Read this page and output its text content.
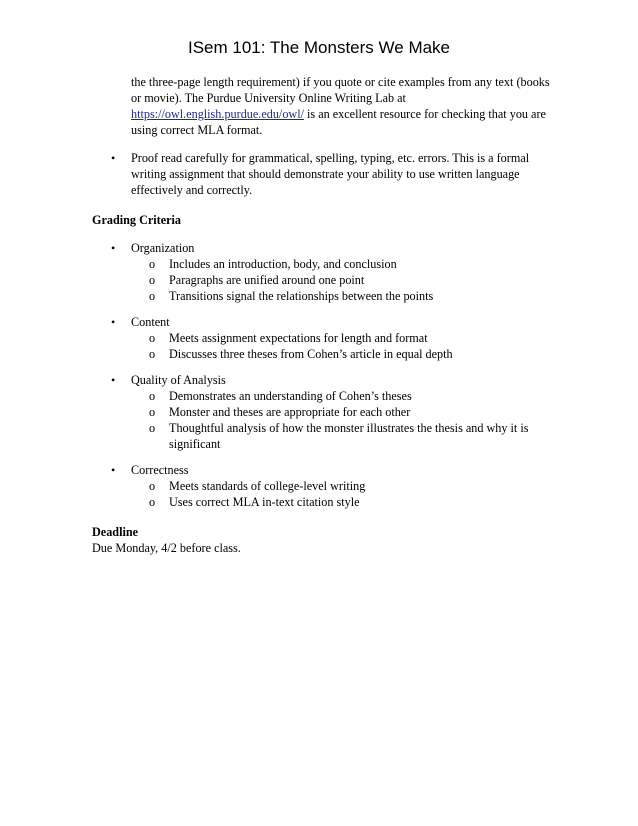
ISem 101: The Monsters We Make
the three-page length requirement) if you quote or cite examples from any text (books or movie). The Purdue University Online Writing Lab at https://owl.english.purdue.edu/owl/ is an excellent resource for checking that you are using correct MLA format.
• Proof read carefully for grammatical, spelling, typing, etc. errors. This is a formal writing assignment that should demonstrate your ability to use written language effectively and correctly.
Grading Criteria
• Organization
o Includes an introduction, body, and conclusion
o Paragraphs are unified around one point
o Transitions signal the relationships between the points
• Content
o Meets assignment expectations for length and format
o Discusses three theses from Cohen’s article in equal depth
• Quality of Analysis
o Demonstrates an understanding of Cohen’s theses
o Monster and theses are appropriate for each other
o Thoughtful analysis of how the monster illustrates the thesis and why it is significant
• Correctness
o Meets standards of college-level writing
o Uses correct MLA in-text citation style
Deadline
Due Monday, 4/2 before class.
